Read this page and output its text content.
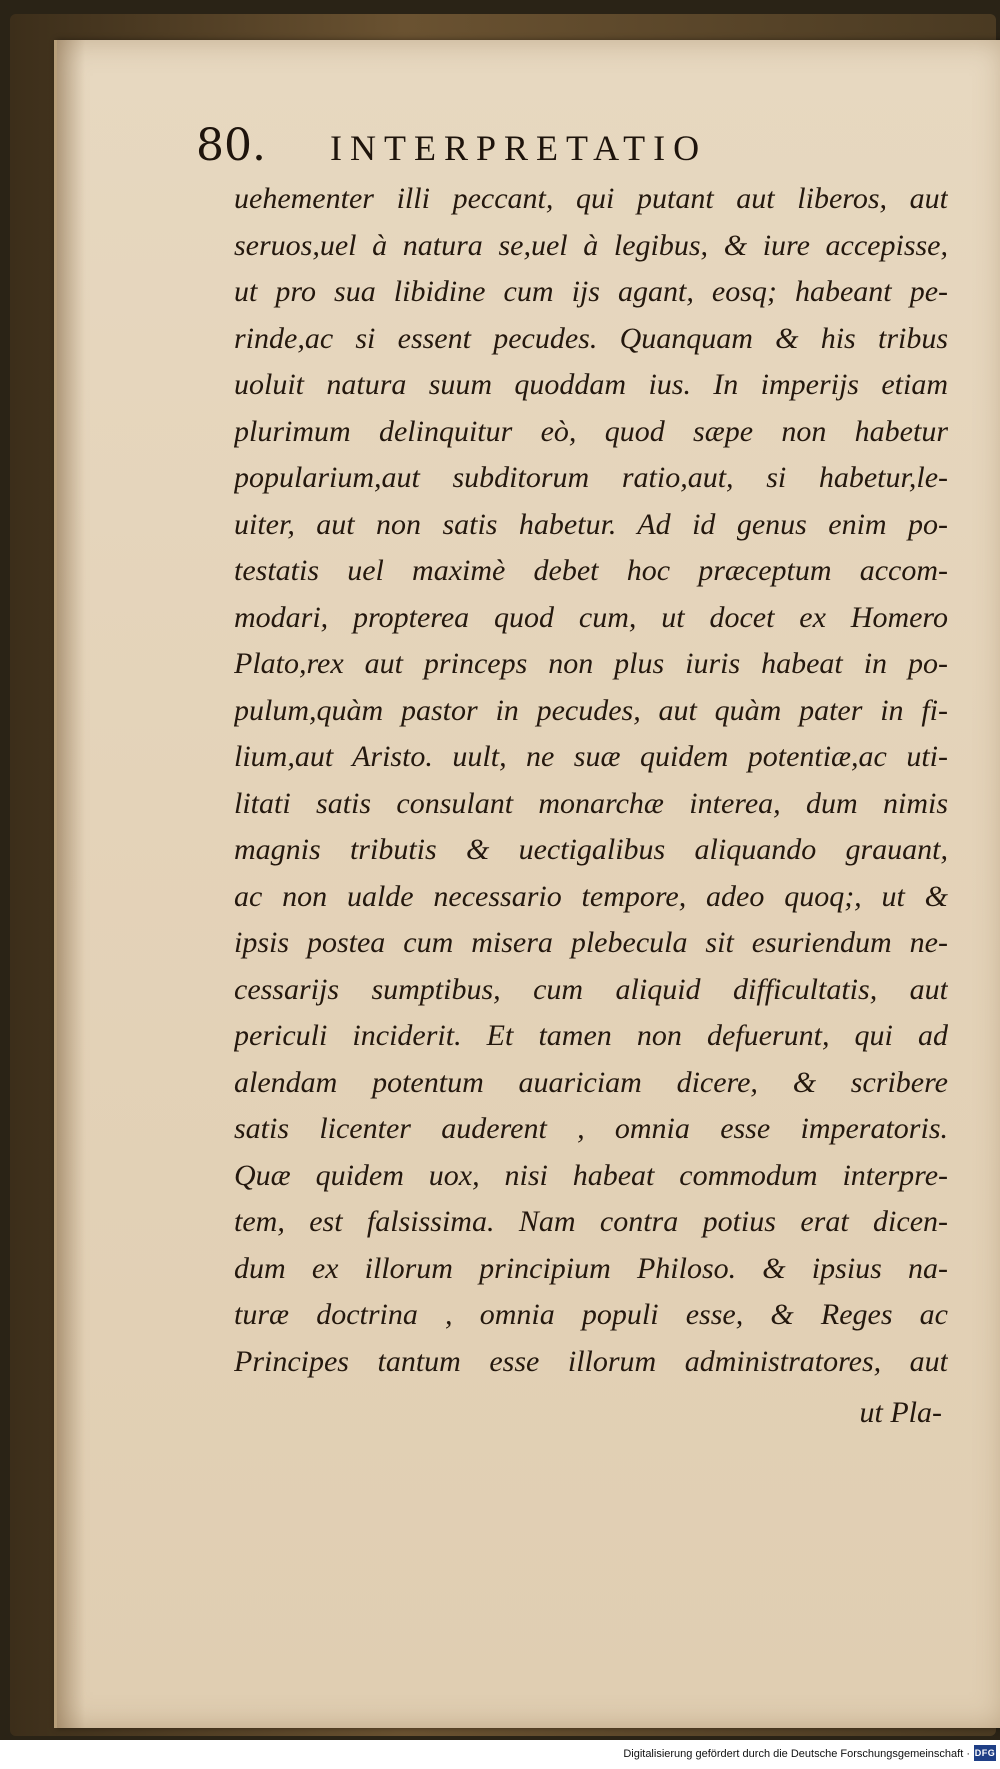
80. INTERPRETATIO
uehementer illi peccant, qui putant aut liberos, aut
seruos,uel à natura se,uel à legibus, & iure accepisse,
ut pro sua libidine cum ijs agant, eosq; habeant pe-
rinde,ac si essent pecudes. Quanquam & his tribus
uoluit natura suum quoddam ius. In imperijs etiam
plurimum delinquitur eò, quod sæpe non habetur
popularium,aut subditorum ratio,aut, si habetur,le-
uiter, aut non satis habetur. Ad id genus enim po-
testatis uel maximè debet hoc præceptum accom-
modari, propterea quod cum, ut docet ex Homero
Plato,rex aut princeps non plus iuris habeat in po-
pulum,quàm pastor in pecudes, aut quàm pater in fi-
lium,aut Aristo. uult, ne suæ quidem potentiæ,ac uti-
litati satis consulant monarchæ interea, dum nimis
magnis tributis & uectigalibus aliquando grauant,
ac non ualde necessario tempore, adeo quoq;, ut &
ipsis postea cum misera plebecula sit esuriendum ne-
cessarijs sumptibus, cum aliquid difficultatis, aut
periculi inciderit. Et tamen non defuerunt, qui ad
alendam potentum auariciam dicere, & scribere
satis licenter auderent , omnia esse imperatoris.
Quæ quidem uox, nisi habeat commodum interpre-
tem, est falsissima. Nam contra potius erat dicen-
dum ex illorum principium Philoso. & ipsius na-
turæ doctrina , omnia populi esse, & Reges ac
Principes tantum esse illorum administratores, aut
ut Pla-
Digitalisierung gefördert durch die Deutsche Forschungsgemeinschaft · DFG
